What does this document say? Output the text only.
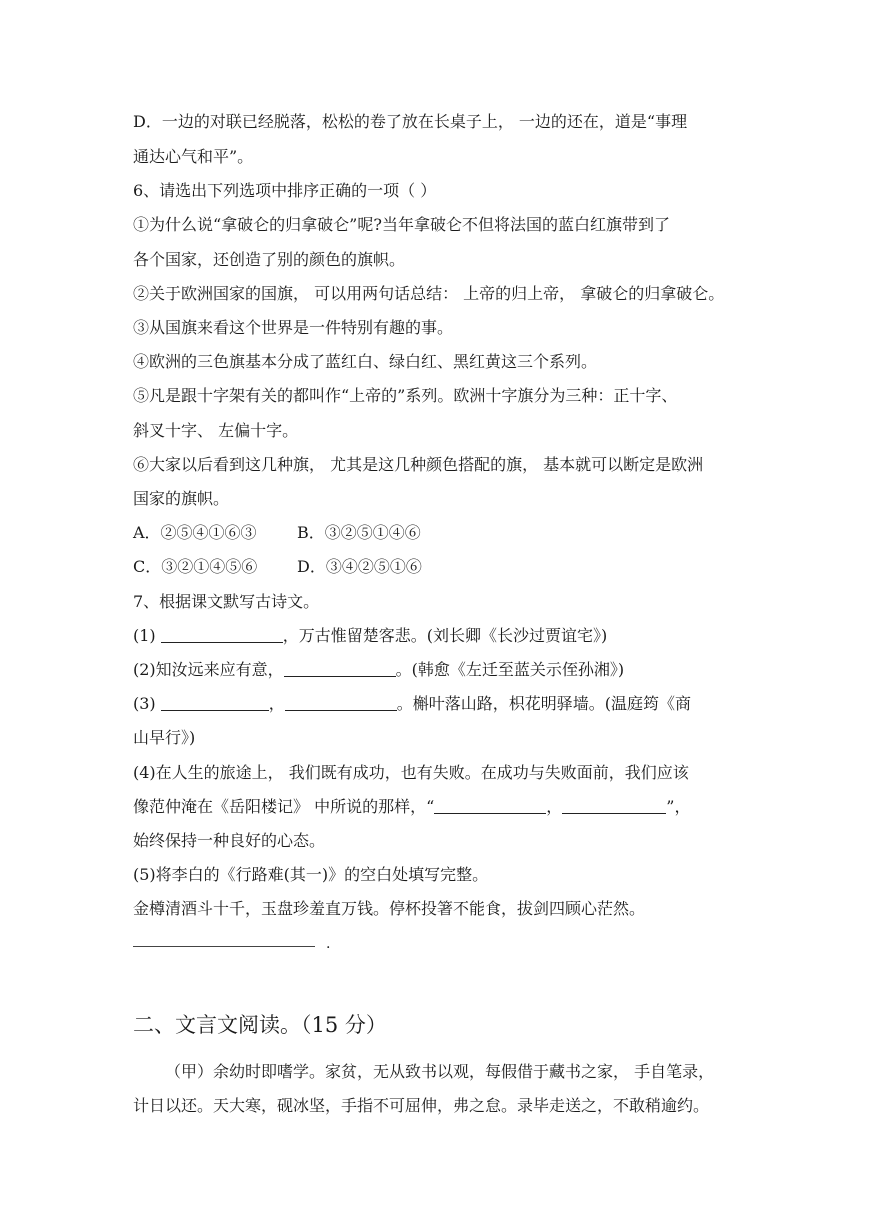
D．一边的对联已经脱落，松松的卷了放在长桌子上， 一边的还在，道是“事理
通达心气和平”。
6、请选出下列选项中排序正确的一项（ ）
①为什么说“拿破仑的归拿破仑”呢?当年拿破仑不但将法国的蓝白红旗带到了
各个国家，还创造了别的颜色的旗帜。
②关于欧洲国家的国旗， 可以用两句话总结： 上帝的归上帝， 拿破仑的归拿破仑。
③从国旗来看这个世界是一件特别有趣的事。
④欧洲的三色旗基本分成了蓝红白、绿白红、黑红黄这三个系列。
⑤凡是跟十字架有关的都叫作“上帝的”系列。欧洲十字旗分为三种：正十字、
斜叉十字、 左偏十字。
⑥大家以后看到这几种旗， 尤其是这几种颜色搭配的旗， 基本就可以断定是欧洲
国家的旗帜。
A．②⑤④①⑥③	B．③②⑤①④⑥
C．③②①④⑤⑥ D．③④②⑤①⑥
7、根据课文默写古诗文。
(1)	，万古惟留楚客悲。(刘长卿《长沙过贾谊宅》)
(2)知汝远来应有意，	。(韩愈《左迁至蓝关示侄孙湘》)
(3)	，	。槲叶落山路，枳花明驿墙。(温庭筠《商
山早行》)
(4)在人生的旅途上， 我们既有成功，也有失败。在成功与失败面前，我们应该
像范仲淹在《岳阳楼记》 中所说的那样，“	，	”，
始终保持一种良好的心态。
(5)将李白的《行路难(其一)》的空白处填写完整。
金樽清酒斗十千，玉盘珍羞直万钱。停杯投箸不能食，拔剑四顾心茫然。
.
二、文言文阅读。（15 分）
（甲）余幼时即嗜学。家贫，无从致书以观，每假借于藏书之家， 手自笔录，
计日以还。天大寒，砚冰坚，手指不可屈伸，弗之怠。录毕走送之，不敢稍逾约。
